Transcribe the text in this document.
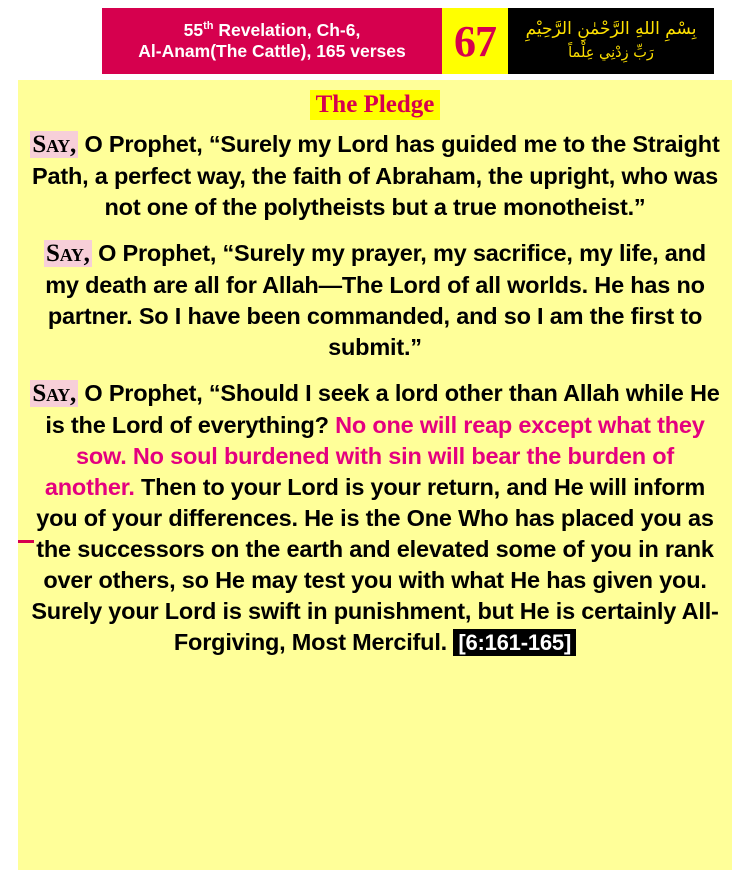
55th Revelation, Ch-6,
Al-Anam(The Cattle), 165 verses 67	بِسْمِ اللهِ الرَّحْمٰنِ الرَّحِيْمِ
رَبِّ زِدْنِي عِلْماً
The Pledge

Say, O Prophet, “Surely my Lord has guided me to the Straight Path, a perfect way, the faith of Abraham, the upright, who was not one of the polytheists but a true monotheist.”

Say, O Prophet, “Surely my prayer, my sacrifice, my life, and my death are all for Allah—The Lord of all worlds. He has no partner. So I have been commanded, and so I am the first to submit.”

Say, O Prophet, “Should I seek a lord other than Allah while He is the Lord of everything? No one will reap except what they sow. No soul burdened with sin will bear the burden of another. Then to your Lord is your return, and He will inform you of your differences. He is the One Who has placed you as the successors on the earth and elevated some of you in rank over others, so He may test you with what He has given you. Surely your Lord is swift in punishment, but He is certainly All-Forgiving, Most Merciful. [6:161-165]
